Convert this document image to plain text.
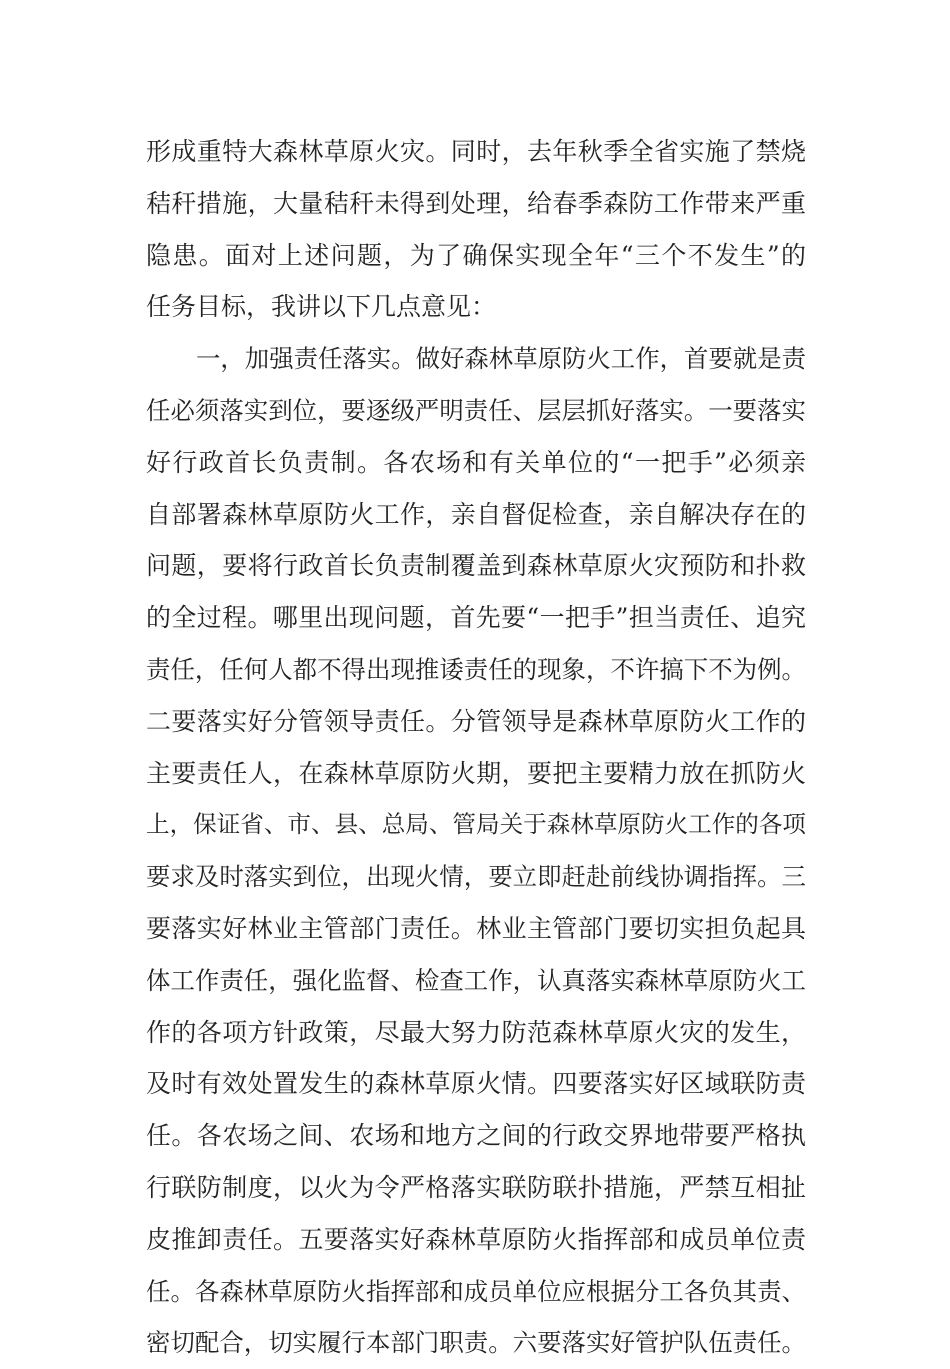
形成重特大森林草原火灾。同时，去年秋季全省实施了禁烧
秸秆措施，大量秸秆未得到处理，给春季森防工作带来严重
隐患。面对上述问题，为了确保实现全年“三个不发生”的
任务目标，我讲以下几点意见：
一，加强责任落实。做好森林草原防火工作，首要就是责
任必须落实到位，要逐级严明责任、层层抓好落实。一要落实
好行政首长负责制。各农场和有关单位的“一把手”必须亲
自部署森林草原防火工作，亲自督促检查，亲自解决存在的
问题，要将行政首长负责制覆盖到森林草原火灾预防和扑救
的全过程。哪里出现问题，首先要“一把手”担当责任、追究
责任，任何人都不得出现推诿责任的现象，不许搞下不为例。
二要落实好分管领导责任。分管领导是森林草原防火工作的
主要责任人，在森林草原防火期，要把主要精力放在抓防火
上，保证省、市、县、总局、管局关于森林草原防火工作的各项
要求及时落实到位，出现火情，要立即赶赴前线协调指挥。三
要落实好林业主管部门责任。林业主管部门要切实担负起具
体工作责任，强化监督、检查工作，认真落实森林草原防火工
作的各项方针政策，尽最大努力防范森林草原火灾的发生，
及时有效处置发生的森林草原火情。四要落实好区域联防责
任。各农场之间、农场和地方之间的行政交界地带要严格执
行联防制度，以火为令严格落实联防联扑措施，严禁互相扯
皮推卸责任。五要落实好森林草原防火指挥部和成员单位责
任。各森林草原防火指挥部和成员单位应根据分工各负其责、
密切配合，切实履行本部门职责。六要落实好管护队伍责任。
